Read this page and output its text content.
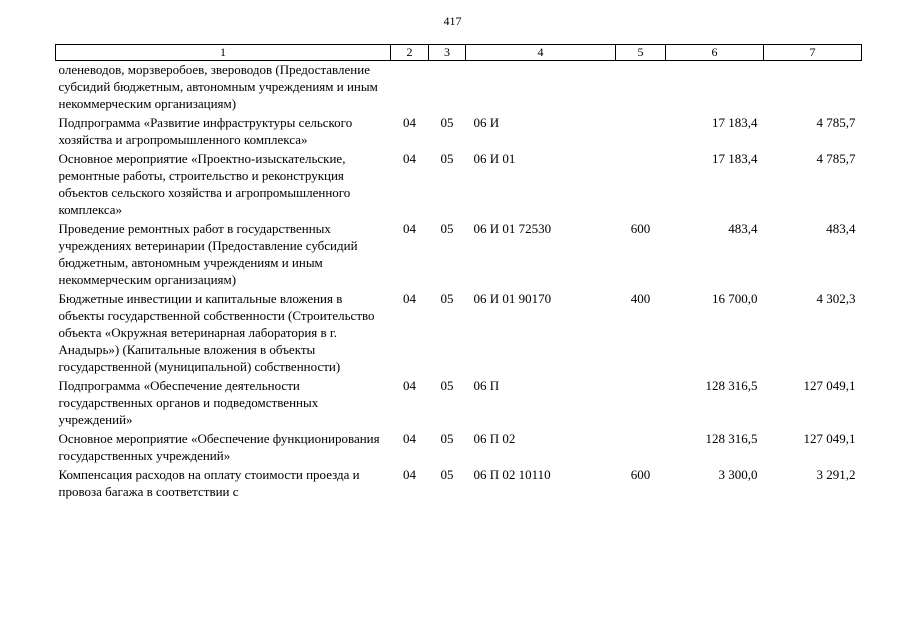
417
1	2	3	4	5	6	7
оленеводов, морзверобоев, звероводов (Предоставление субсидий бюджетным, автономным учреждениям и иным некоммерческим организациям)						
Подпрограмма «Развитие инфраструктуры сельского хозяйства и агропромышленного комплекса»	04	05	06 И		17 183,4	4 785,7
Основное мероприятие «Проектно-изыскательские, ремонтные работы, строительство и реконструкция объектов сельского хозяйства и агропромышленного комплекса»	04	05	06 И 01		17 183,4	4 785,7
Проведение ремонтных работ в государственных учреждениях ветеринарии (Предоставление субсидий бюджетным, автономным учреждениям и иным некоммерческим организациям)	04	05	06 И 01 72530	600	483,4	483,4
Бюджетные инвестиции и капитальные вложения в объекты государственной собственности (Строительство объекта «Окружная ветеринарная лаборатория в г. Анадырь») (Капитальные вложения в объекты государственной (муниципальной) собственности)	04	05	06 И 01 90170	400	16 700,0	4 302,3
Подпрограмма «Обеспечение деятельности государственных органов и подведомственных учреждений»	04	05	06 П		128 316,5	127 049,1
Основное мероприятие «Обеспечение функционирования государственных учреждений»	04	05	06 П 02		128 316,5	127 049,1
Компенсация расходов на оплату стоимости проезда и провоза багажа в соответствии с	04	05	06 П 02 10110	600	3 300,0	3 291,2
